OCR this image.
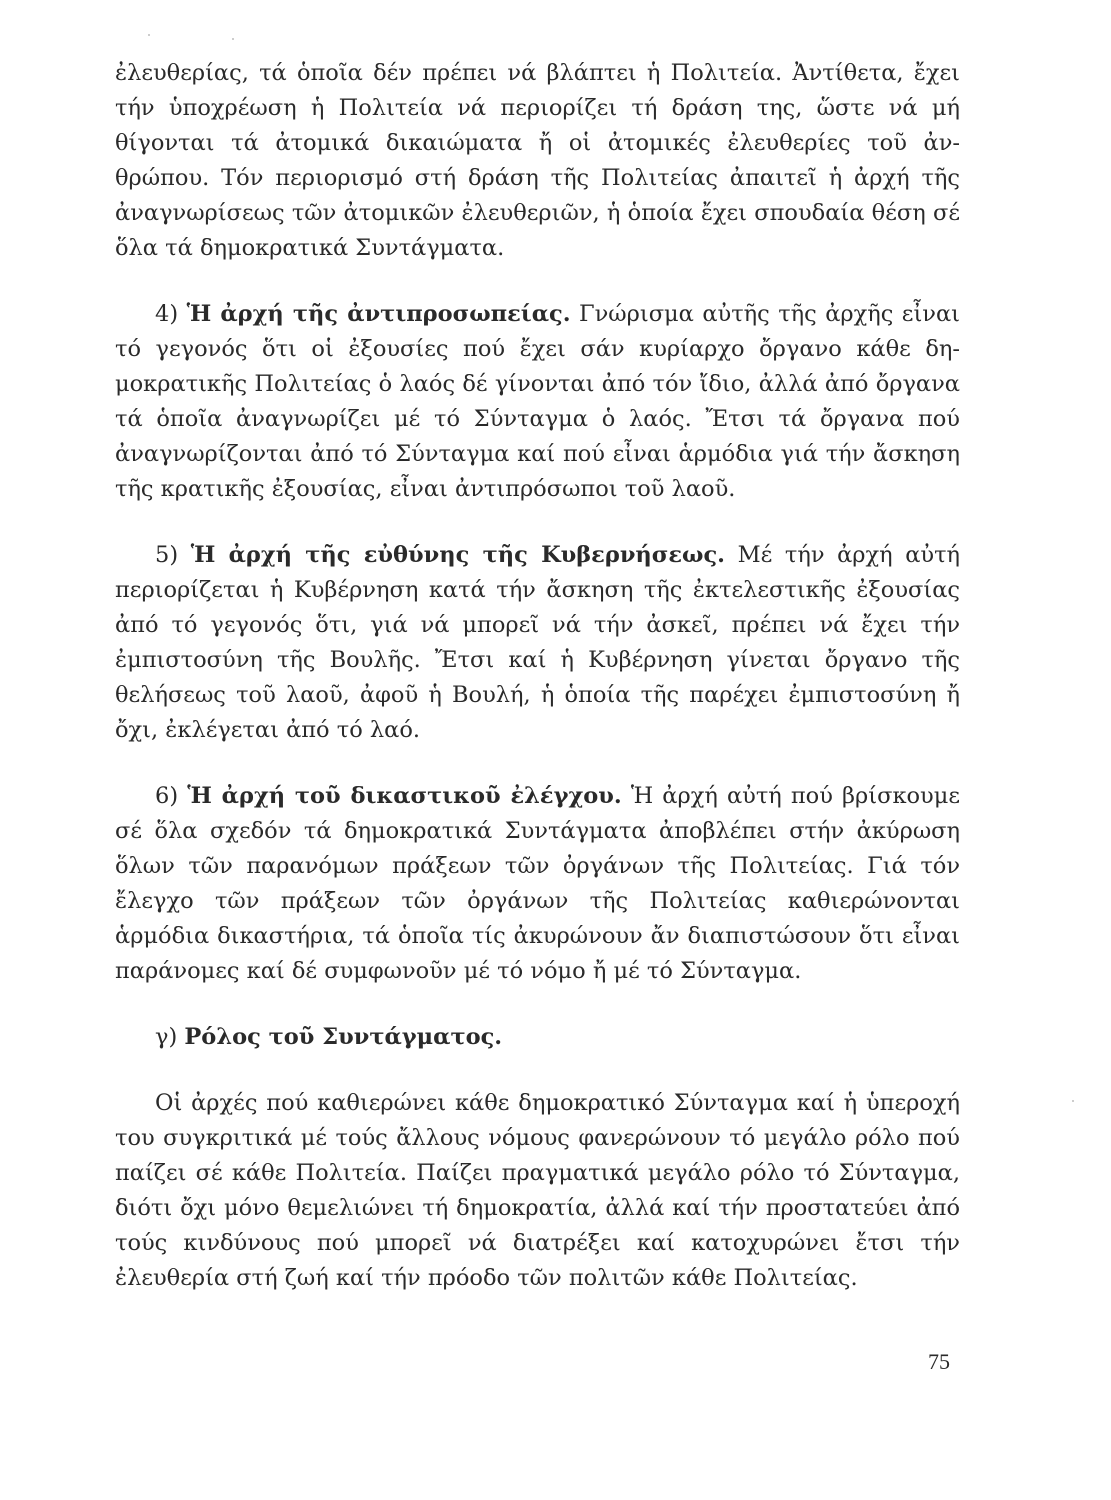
ἐλευθερίας, τά ὁποῖα δέν πρέπει νά βλάπτει ἡ Πολιτεία. Ἀντίθετα, ἔχει τήν ὑποχρέωση ἡ Πολιτεία νά περιορίζει τή δράση της, ὥστε νά μή θίγονται τά ἀτομικά δικαιώματα ἤ οἱ ἀτομικές ἐλευθερίες τοῦ ἀνθρώπου. Τόν περιορισμό στή δράση τῆς Πολιτείας ἀπαιτεῖ ἡ ἀρχή τῆς ἀναγνωρίσεως τῶν ἀτομικῶν ἐλευθεριῶν, ἡ ὁποία ἔχει σπουδαία θέση σέ ὅλα τά δημοκρατικά Συντάγματα.

4) Ἡ ἀρχή τῆς ἀντιπροσωπείας. Γνώρισμα αὐτῆς τῆς ἀρχῆς εἶναι τό γεγονός ὅτι οἱ ἐξουσίες πού ἔχει σάν κυρίαρχο ὄργανο κάθε δημοκρατικῆς Πολιτείας ὁ λαός δέ γίνονται ἀπό τόν ἴδιο, ἀλλά ἀπό ὄργανα τά ὁποῖα ἀναγνωρίζει μέ τό Σύνταγμα ὁ λαός. Ἔτσι τά ὄργανα πού ἀναγνωρίζονται ἀπό τό Σύνταγμα καί πού εἶναι ἁρμόδια γιά τήν ἄσκηση τῆς κρατικῆς ἐξουσίας, εἶναι ἀντιπρόσωποι τοῦ λαοῦ.

5) Ἡ ἀρχή τῆς εὐθύνης τῆς Κυβερνήσεως. Μέ τήν ἀρχή αὐτή περιορίζεται ἡ Κυβέρνηση κατά τήν ἄσκηση τῆς ἐκτελεστικῆς ἐξουσίας ἀπό τό γεγονός ὅτι, γιά νά μπορεῖ νά τήν ἀσκεῖ, πρέπει νά ἔχει τήν ἐμπιστοσύνη τῆς Βουλῆς. Ἔτσι καί ἡ Κυβέρνηση γίνεται ὄργανο τῆς θελήσεως τοῦ λαοῦ, ἀφοῦ ἡ Βουλή, ἡ ὁποία τῆς παρέχει ἐμπιστοσύνη ἤ ὄχι, ἐκλέγεται ἀπό τό λαό.

6) Ἡ ἀρχή τοῦ δικαστικοῦ ἐλέγχου. Ἡ ἀρχή αὐτή πού βρίσκουμε σέ ὅλα σχεδόν τά δημοκρατικά Συντάγματα ἀποβλέπει στήν ἀκύρωση ὅλων τῶν παρανόμων πράξεων τῶν ὀργάνων τῆς Πολιτείας. Γιά τόν ἔλεγχο τῶν πράξεων τῶν ὀργάνων τῆς Πολιτείας καθιερώνονται ἁρμόδια δικαστήρια, τά ὁποῖα τίς ἀκυρώνουν ἄν διαπιστώσουν ὅτι εἶναι παράνομες καί δέ συμφωνοῦν μέ τό νόμο ἤ μέ τό Σύνταγμα.

γ) Ρόλος τοῦ Συντάγματος.

Οἱ ἀρχές πού καθιερώνει κάθε δημοκρατικό Σύνταγμα καί ἡ ὑπεροχή του συγκριτικά μέ τούς ἄλλους νόμους φανερώνουν τό μεγάλο ρόλο πού παίζει σέ κάθε Πολιτεία. Παίζει πραγματικά μεγάλο ρόλο τό Σύνταγμα, διότι ὄχι μόνο θεμελιώνει τή δημοκρατία, ἀλλά καί τήν προστατεύει ἀπό τούς κινδύνους πού μπορεῖ νά διατρέξει καί κατοχυρώνει ἔτσι τήν ἐλευθερία στή ζωή καί τήν πρόοδο τῶν πολιτῶν κάθε Πολιτείας.

75
